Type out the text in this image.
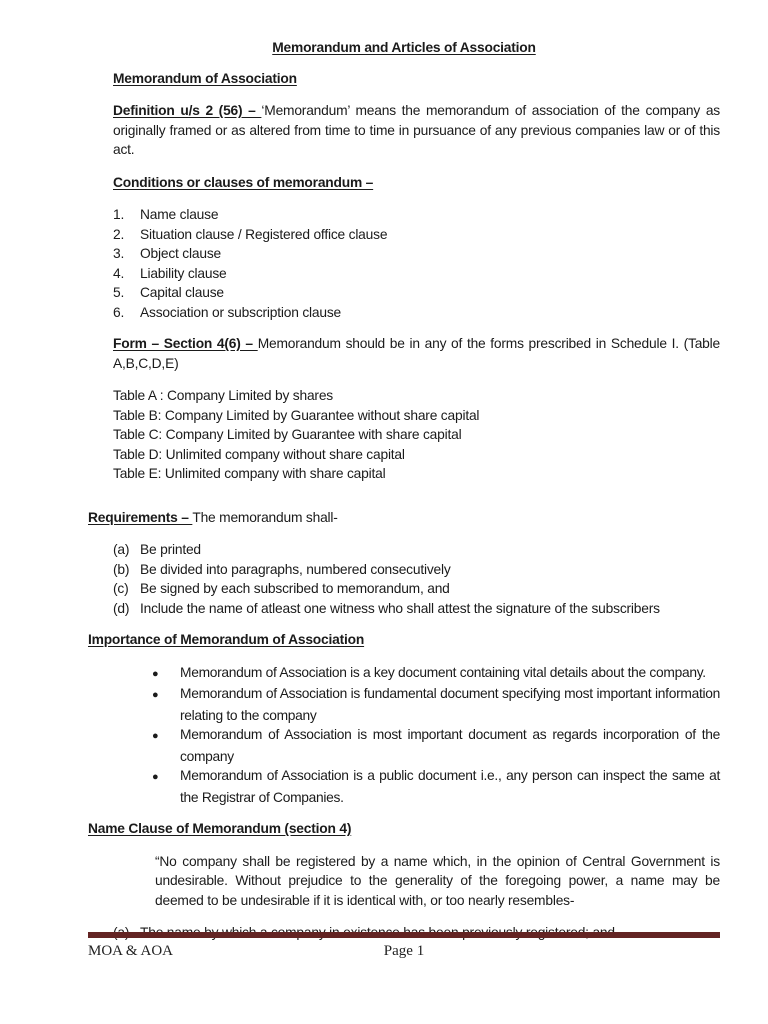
Memorandum and Articles of Association
Memorandum of Association
Definition u/s 2 (56) – ‘Memorandum’ means the memorandum of association of the company as originally framed or as altered from time to time in pursuance of any previous companies law or of this act.
Conditions or clauses of memorandum –
1. Name clause
2. Situation clause / Registered office clause
3. Object clause
4. Liability clause
5. Capital clause
6. Association or subscription clause
Form – Section 4(6) – Memorandum should be in any of the forms prescribed in Schedule I. (Table A,B,C,D,E)
Table A : Company Limited by shares
Table B: Company Limited by Guarantee without share capital
Table C: Company Limited by Guarantee with share capital
Table D: Unlimited company without share capital
Table E: Unlimited company with share capital
Requirements – The memorandum shall-
(a) Be printed
(b) Be divided into paragraphs, numbered consecutively
(c) Be signed by each subscribed to memorandum, and
(d) Include the name of atleast one witness who shall attest the signature of the subscribers
Importance of Memorandum of Association
● Memorandum of Association is a key document containing vital details about the company.
● Memorandum of Association is fundamental document specifying most important information relating to the company
● Memorandum of Association is most important document as regards incorporation of the company
● Memorandum of Association is a public document i.e., any person can inspect the same at the Registrar of Companies.
Name Clause of Memorandum (section 4)
“No company shall be registered by a name which, in the opinion of Central Government is undesirable. Without prejudice to the generality of the foregoing power, a name may be deemed to be undesirable if it is identical with, or too nearly resembles-
(a) The name by which a company in existence has been previously registered; and
MOA & AOA	Page 1
